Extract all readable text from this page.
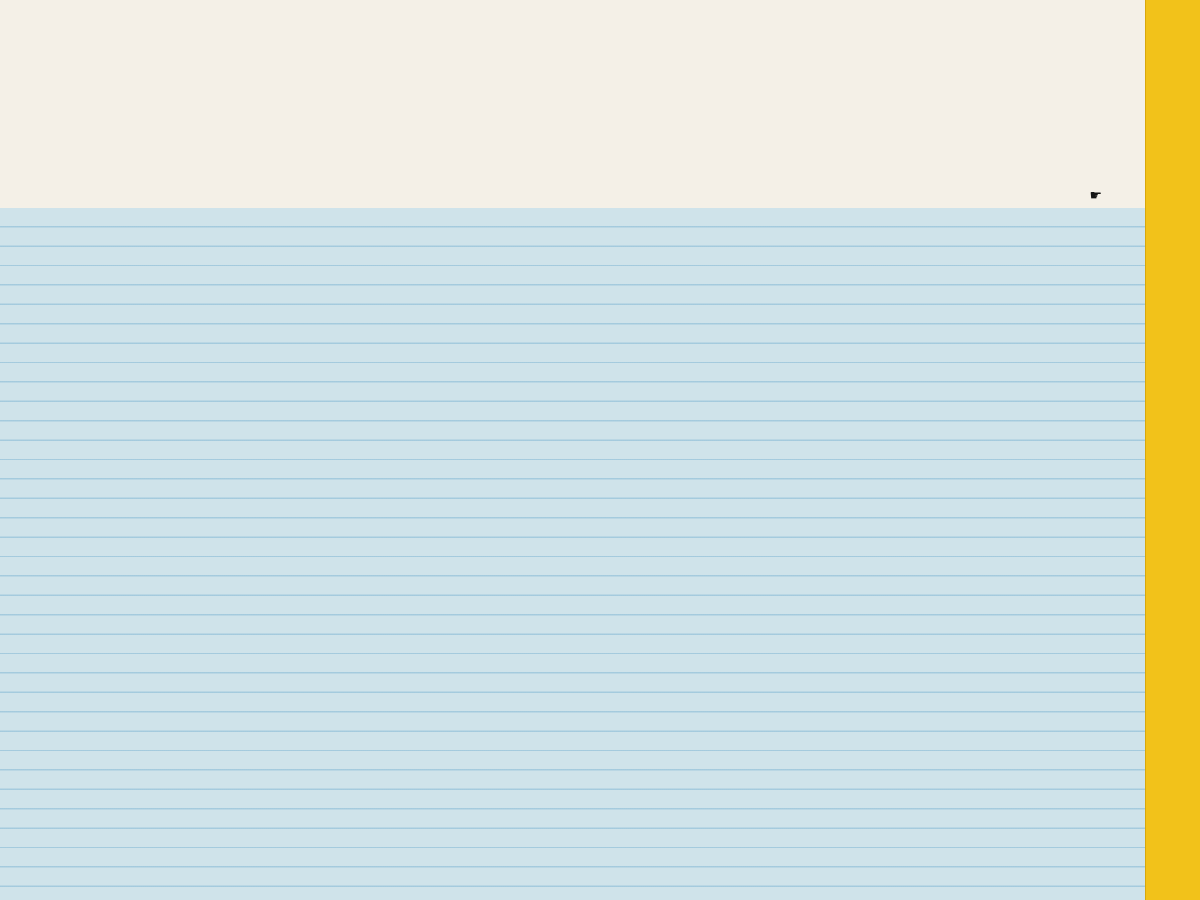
☛
